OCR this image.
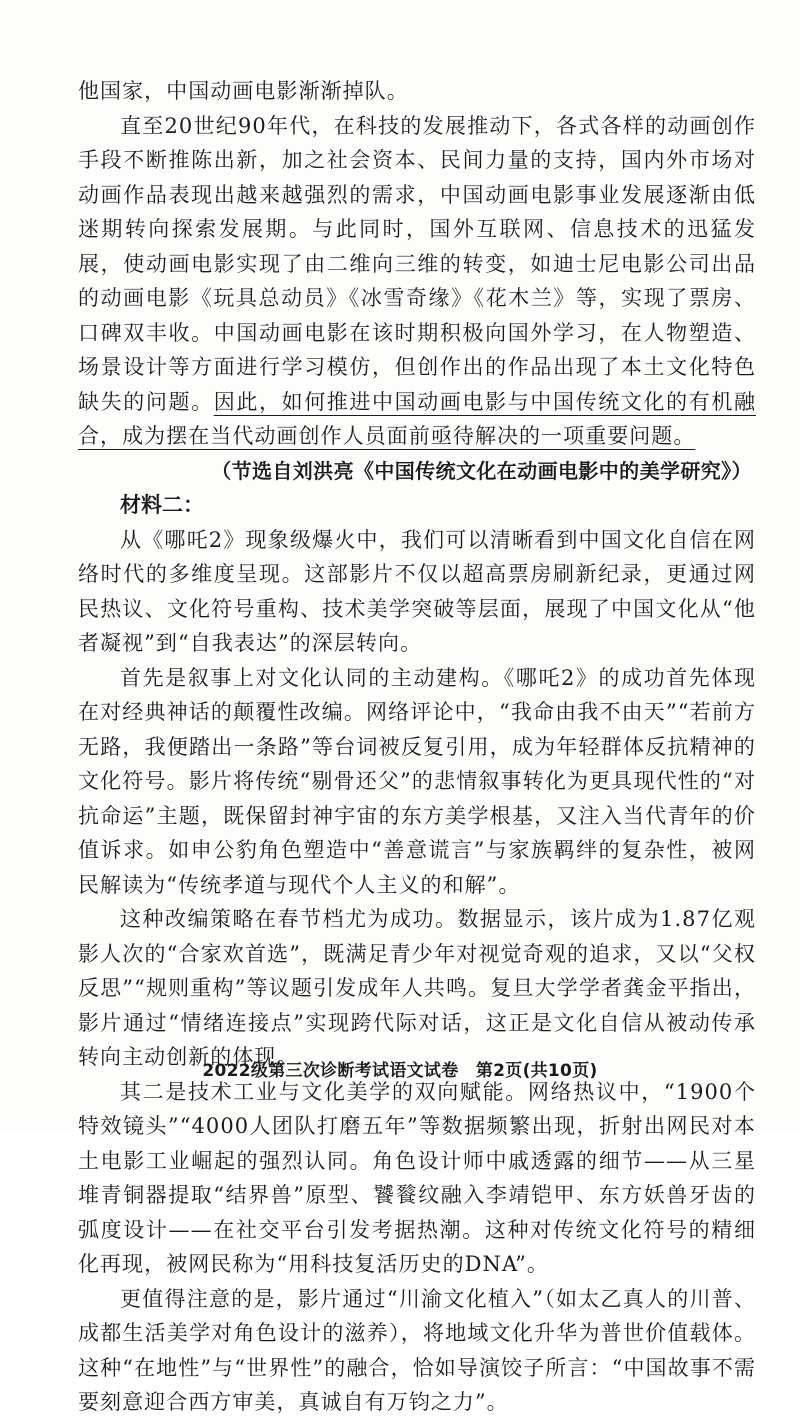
他国家，中国动画电影渐渐掉队。

直至20世纪90年代，在科技的发展推动下，各式各样的动画创作手段不断推陈出新，加之社会资本、民间力量的支持，国内外市场对动画作品表现出越来越强烈的需求，中国动画电影事业发展逐渐由低迷期转向探索发展期。与此同时，国外互联网、信息技术的迅猛发展，使动画电影实现了由二维向三维的转变，如迪士尼电影公司出品的动画电影《玩具总动员》《冰雪奇缘》《花木兰》等，实现了票房、口碑双丰收。中国动画电影在该时期积极向国外学习，在人物塑造、场景设计等方面进行学习模仿，但创作出的作品出现了本土文化特色缺失的问题。因此，如何推进中国动画电影与中国传统文化的有机融合，成为摆在当代动画创作人员面前亟待解决的一项重要问题。

（节选自刘洪亮《中国传统文化在动画电影中的美学研究》）

材料二：

从《哪吒2》现象级爆火中，我们可以清晰看到中国文化自信在网络时代的多维度呈现。这部影片不仅以超高票房刷新纪录，更通过网民热议、文化符号重构、技术美学突破等层面，展现了中国文化从“他者凝视”到“自我表达”的深层转向。

首先是叙事上对文化认同的主动建构。《哪吒2》的成功首先体现在对经典神话的颠覆性改编。网络评论中，“我命由我不由天”“若前方无路，我便踏出一条路”等台词被反复引用，成为年轻群体反抗精神的文化符号。影片将传统“剔骨还父”的悲情叙事转化为更具现代性的“对抗命运”主题，既保留封神宇宙的东方美学根基，又注入当代青年的价值诉求。如申公豹角色塑造中“善意谎言”与家族羁绊的复杂性，被网民解读为“传统孝道与现代个人主义的和解”。

这种改编策略在春节档尤为成功。数据显示，该片成为1.87亿观影人次的“合家欢首选”，既满足青少年对视觉奇观的追求，又以“父权反思”“规则重构”等议题引发成年人共鸣。复旦大学学者龚金平指出，影片通过“情绪连接点”实现跨代际对话，这正是文化自信从被动传承转向主动创新的体现。

其二是技术工业与文化美学的双向赋能。网络热议中，“1900个特效镜头”“4000人团队打磨五年”等数据频繁出现，折射出网民对本土电影工业崛起的强烈认同。角色设计师中戚透露的细节——从三星堆青铜器提取“结界兽”原型、饕餮纹融入李靖铠甲、东方妖兽牙齿的弧度设计——在社交平台引发考据热潮。这种对传统文化符号的精细化再现，被网民称为“用科技复活历史的DNA”。

更值得注意的是，影片通过“川渝文化植入”（如太乙真人的川普、成都生活美学对角色设计的滋养），将地域文化升华为普世价值载体。这种“在地性”与“世界性”的融合，恰如导演饺子所言：“中国故事不需要刻意迎合西方审美，真诚自有万钧之力”。

2022级第三次诊断考试语文试卷　第2页(共10页)
